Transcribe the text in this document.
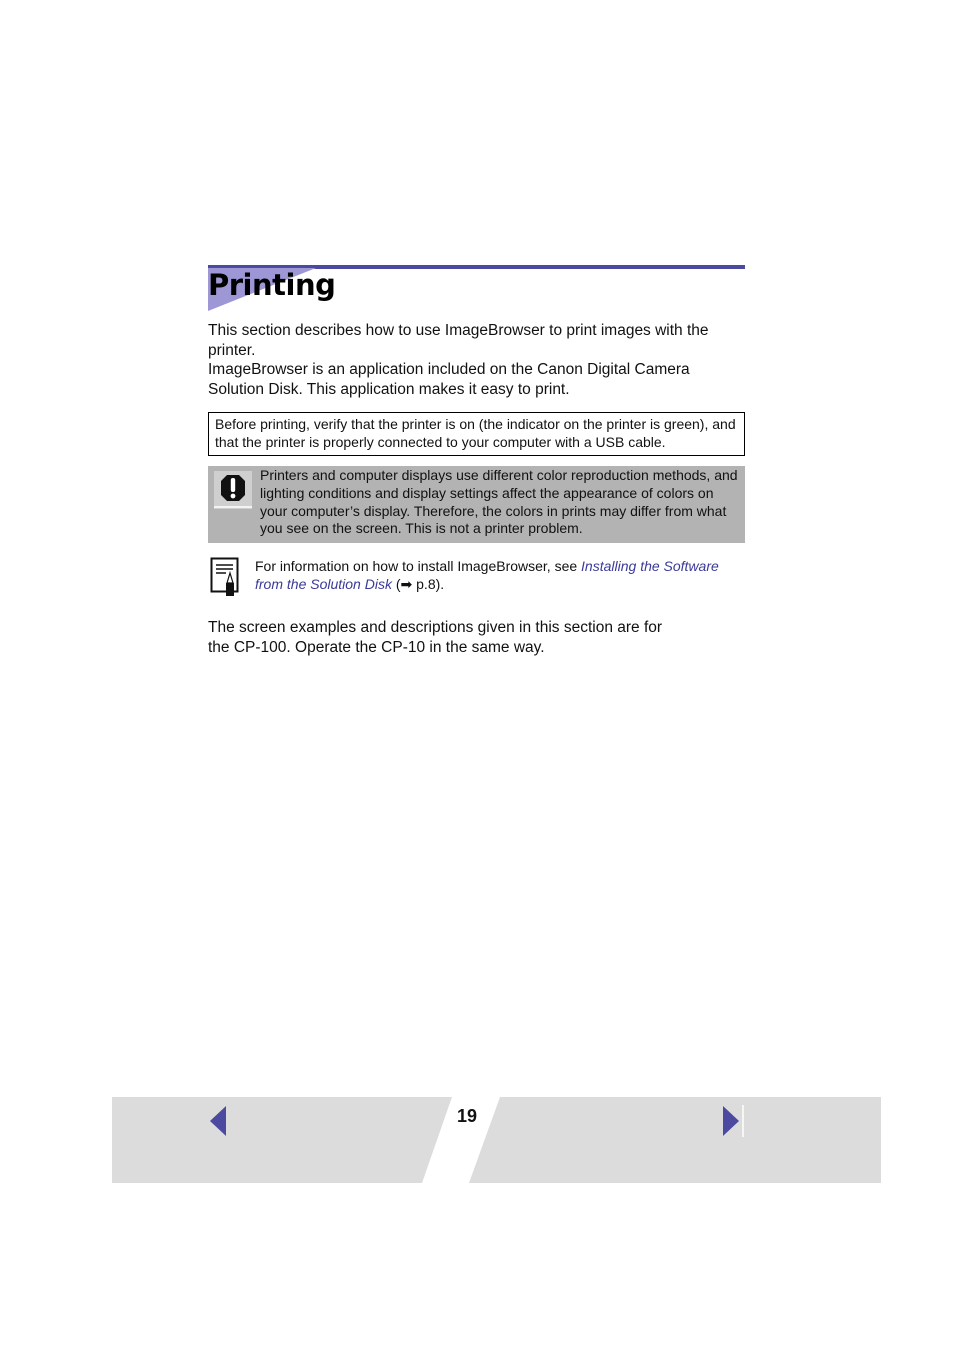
Printing

This section describes how to use ImageBrowser to print images with the printer.

ImageBrowser is an application included on the Canon Digital Camera Solution Disk. This application makes it easy to print.

Before printing, verify that the printer is on (the indicator on the printer is green), and that the printer is properly connected to your computer with a USB cable.

Printers and computer displays use different color reproduction methods, and lighting conditions and display settings affect the appearance of colors on your computer’s display. Therefore, the colors in prints may differ from what you see on the screen. This is not a printer problem.

For information on how to install ImageBrowser, see Installing the Software from the Solution Disk (➡ p.8).

The screen examples and descriptions given in this section are for

the CP-100. Operate the CP-10 in the same way.

19
